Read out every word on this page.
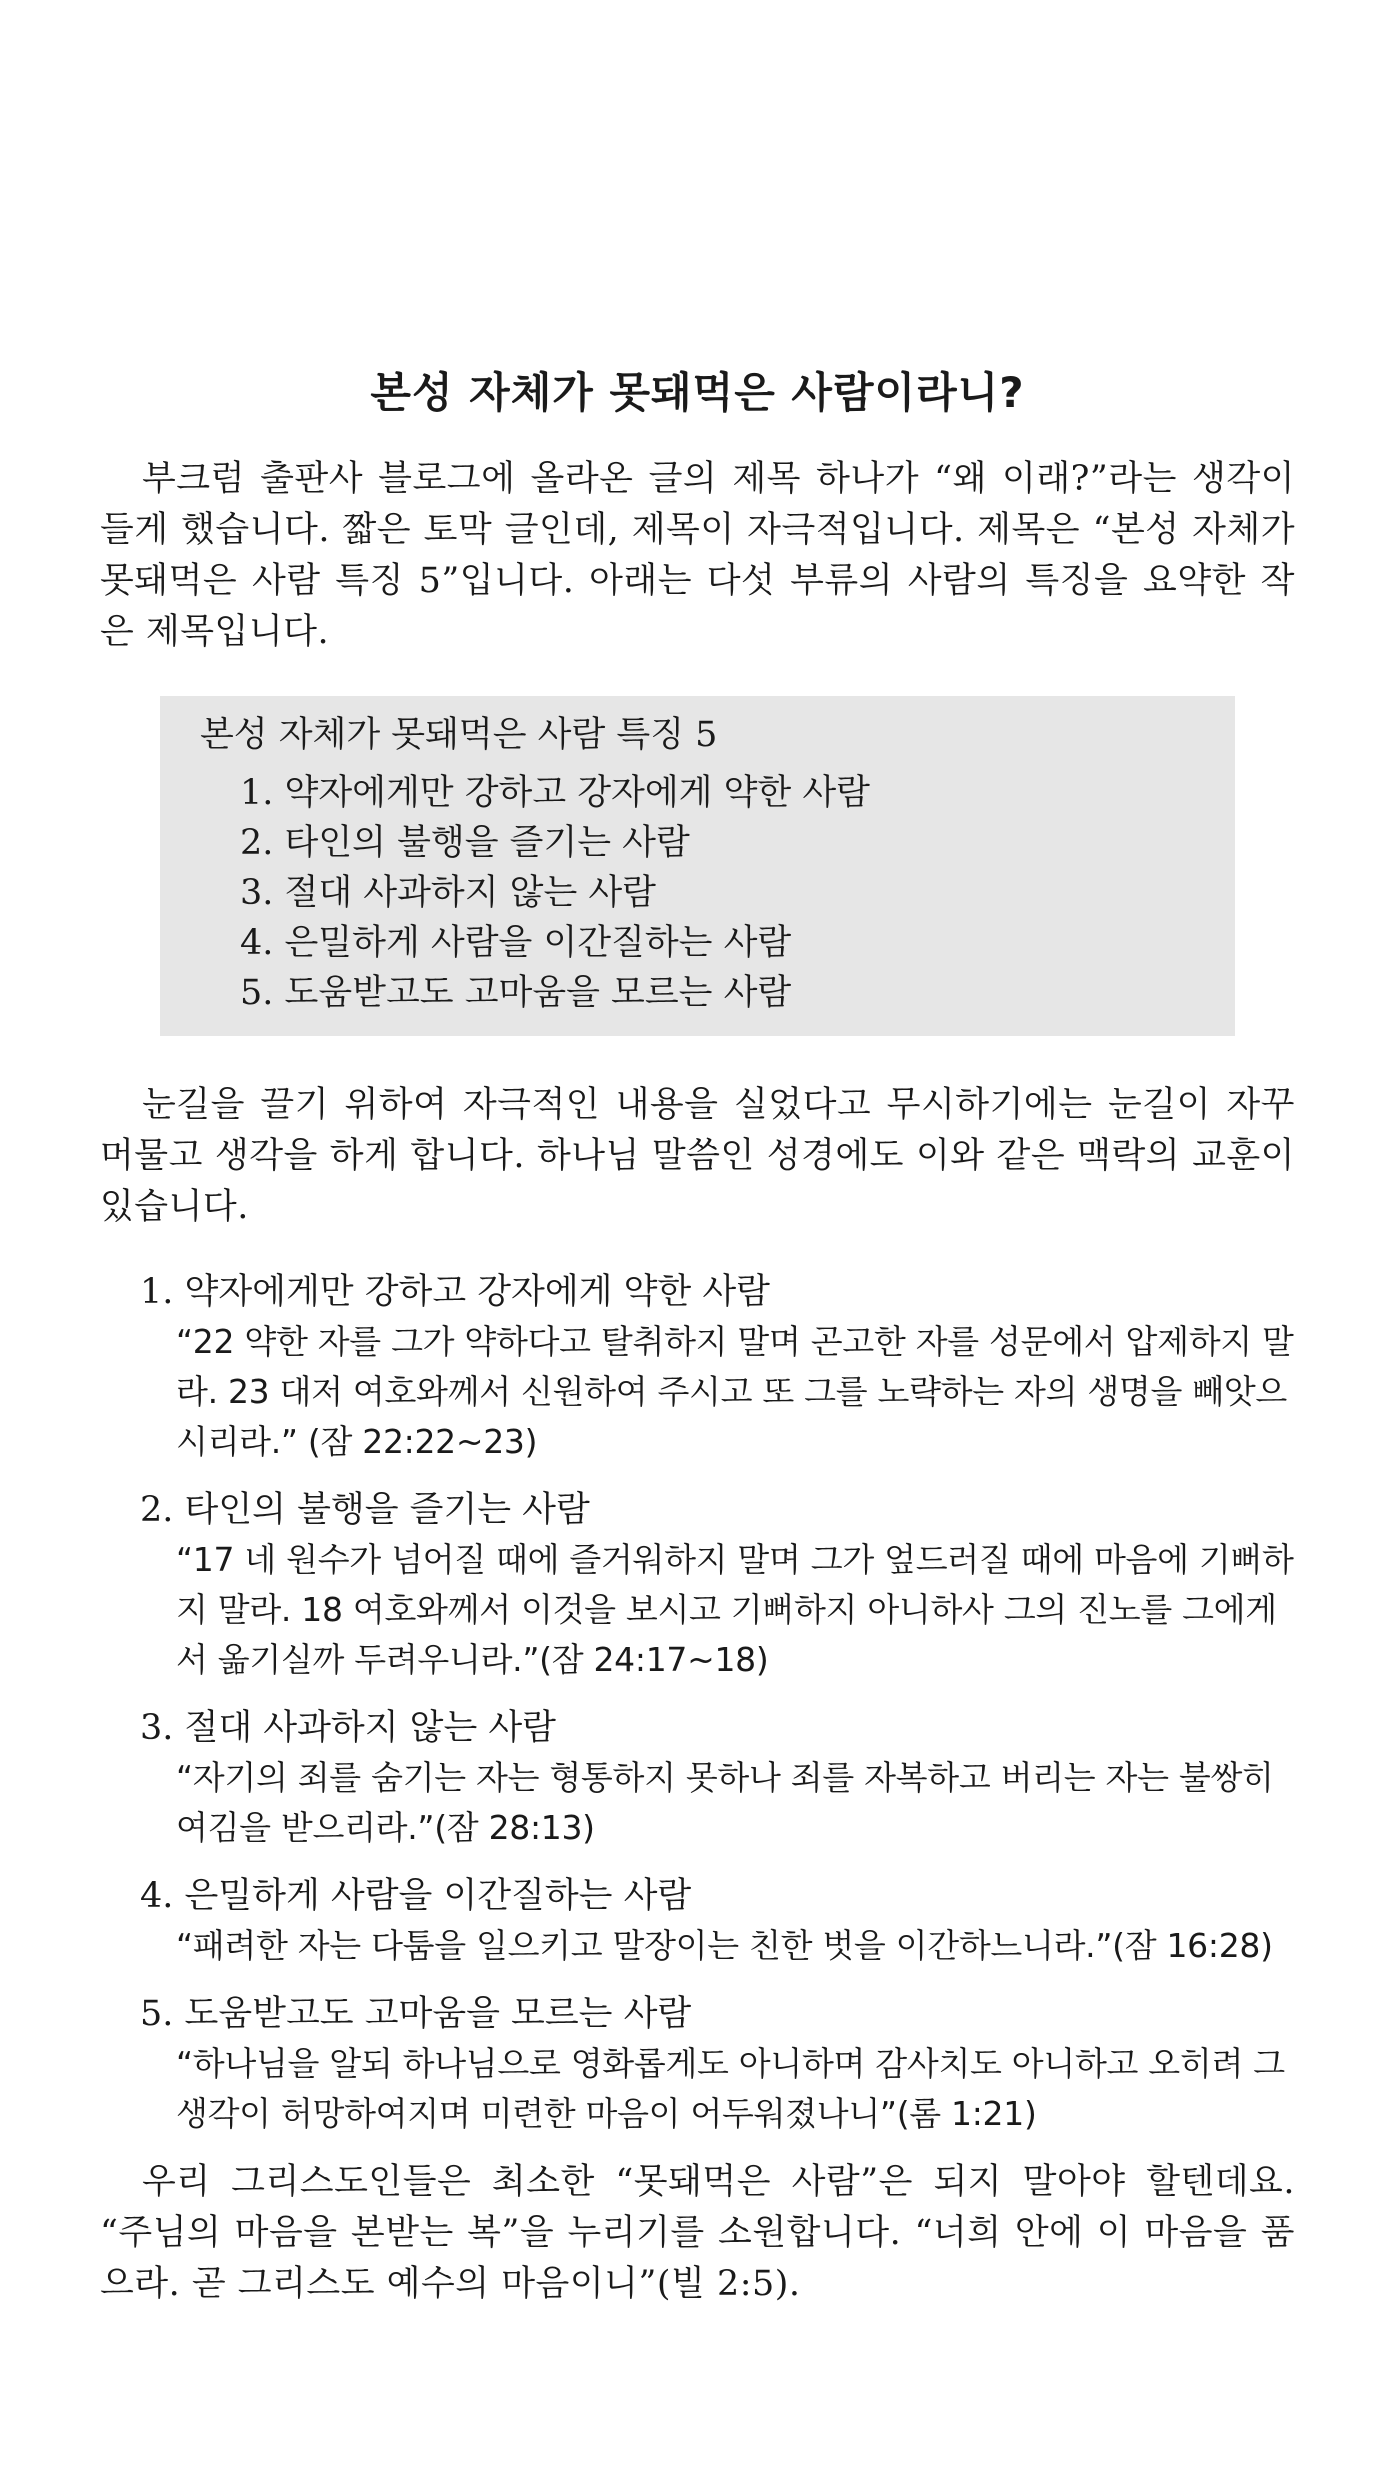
본성 자체가 못돼먹은 사람이라니?

부크럼 출판사 블로그에 올라온 글의 제목 하나가 “왜 이래?”라는 생각이 들게 했습니다. 짧은 토막 글인데, 제목이 자극적입니다. 제목은 “본성 자체가 못돼먹은 사람 특징 5”입니다. 아래는 다섯 부류의 사람의 특징을 요약한 작은 제목입니다.

본성 자체가 못돼먹은 사람 특징 5

1. 약자에게만 강하고 강자에게 약한 사람
2. 타인의 불행을 즐기는 사람
3. 절대 사과하지 않는 사람
4. 은밀하게 사람을 이간질하는 사람
5. 도움받고도 고마움을 모르는 사람

눈길을 끌기 위하여 자극적인 내용을 실었다고 무시하기에는 눈길이 자꾸 머물고 생각을 하게 합니다. 하나님 말씀인 성경에도 이와 같은 맥락의 교훈이 있습니다.

1. 약자에게만 강하고 강자에게 약한 사람

“22 약한 자를 그가 약하다고 탈취하지 말며 곤고한 자를 성문에서 압제하지 말라. 23 대저 여호와께서 신원하여 주시고 또 그를 노략하는 자의 생명을 빼앗으시리라.” (잠 22:22~23)

2. 타인의 불행을 즐기는 사람

“17 네 원수가 넘어질 때에 즐거워하지 말며 그가 엎드러질 때에 마음에 기뻐하지 말라. 18 여호와께서 이것을 보시고 기뻐하지 아니하사 그의 진노를 그에게서 옮기실까 두려우니라.”(잠 24:17~18)

3. 절대 사과하지 않는 사람

“자기의 죄를 숨기는 자는 형통하지 못하나 죄를 자복하고 버리는 자는 불쌍히 여김을 받으리라.”(잠 28:13)

4. 은밀하게 사람을 이간질하는 사람

“패려한 자는 다툼을 일으키고 말장이는 친한 벗을 이간하느니라.”(잠 16:28)

5. 도움받고도 고마움을 모르는 사람

“하나님을 알되 하나님으로 영화롭게도 아니하며 감사치도 아니하고 오히려 그 생각이 허망하여지며 미련한 마음이 어두워졌나니”(롬 1:21)

우리 그리스도인들은 최소한 “못돼먹은 사람”은 되지 말아야 할텐데요. “주님의 마음을 본받는 복”을 누리기를 소원합니다. “너희 안에 이 마음을 품으라. 곧 그리스도 예수의 마음이니”(빌 2:5).
